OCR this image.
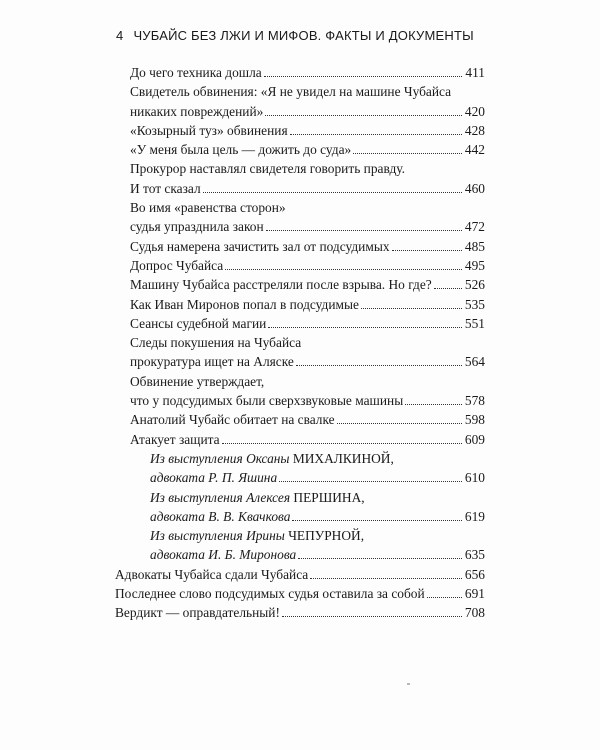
4 ЧУБАЙС БЕЗ ЛЖИ И МИФОВ. ФАКТЫ И ДОКУМЕНТЫ
До чего техника дошла	411
Свидетель обвинения: «Я не увидел на машине Чубайса
никаких повреждений»	420
«Козырный туз» обвинения	428
«У меня была цель — дожить до суда»	442
Прокурор наставлял свидетеля говорить правду.
И тот сказал	460
Во имя «равенства сторон»
судья упразднила закон	472
Судья намерена зачистить зал от подсудимых	485
Допрос Чубайса	495
Машину Чубайса расстреляли после взрыва. Но где? 526
Как Иван Миронов попал в подсудимые	535
Сеансы судебной магии	551
Следы покушения на Чубайса
прокуратура ищет на Аляске	564
Обвинение утверждает,
что у подсудимых были сверхзвуковые машины	578
Анатолий Чубайс обитает на свалке	598
Атакует защита	609
Из выступления Оксаны МИХАЛКИНОЙ,
адвоката Р. П. Яшина	610
Из выступления Алексея ПЕРШИНА,
адвоката В. В. Квачкова	619
Из выступления Ирины ЧЕПУРНОЙ,
адвоката И. Б. Миронова	635
Адвокаты Чубайса сдали Чубайса	656
Последнее слово подсудимых судья оставила за собой	691
Вердикт — оправдательный!	708
